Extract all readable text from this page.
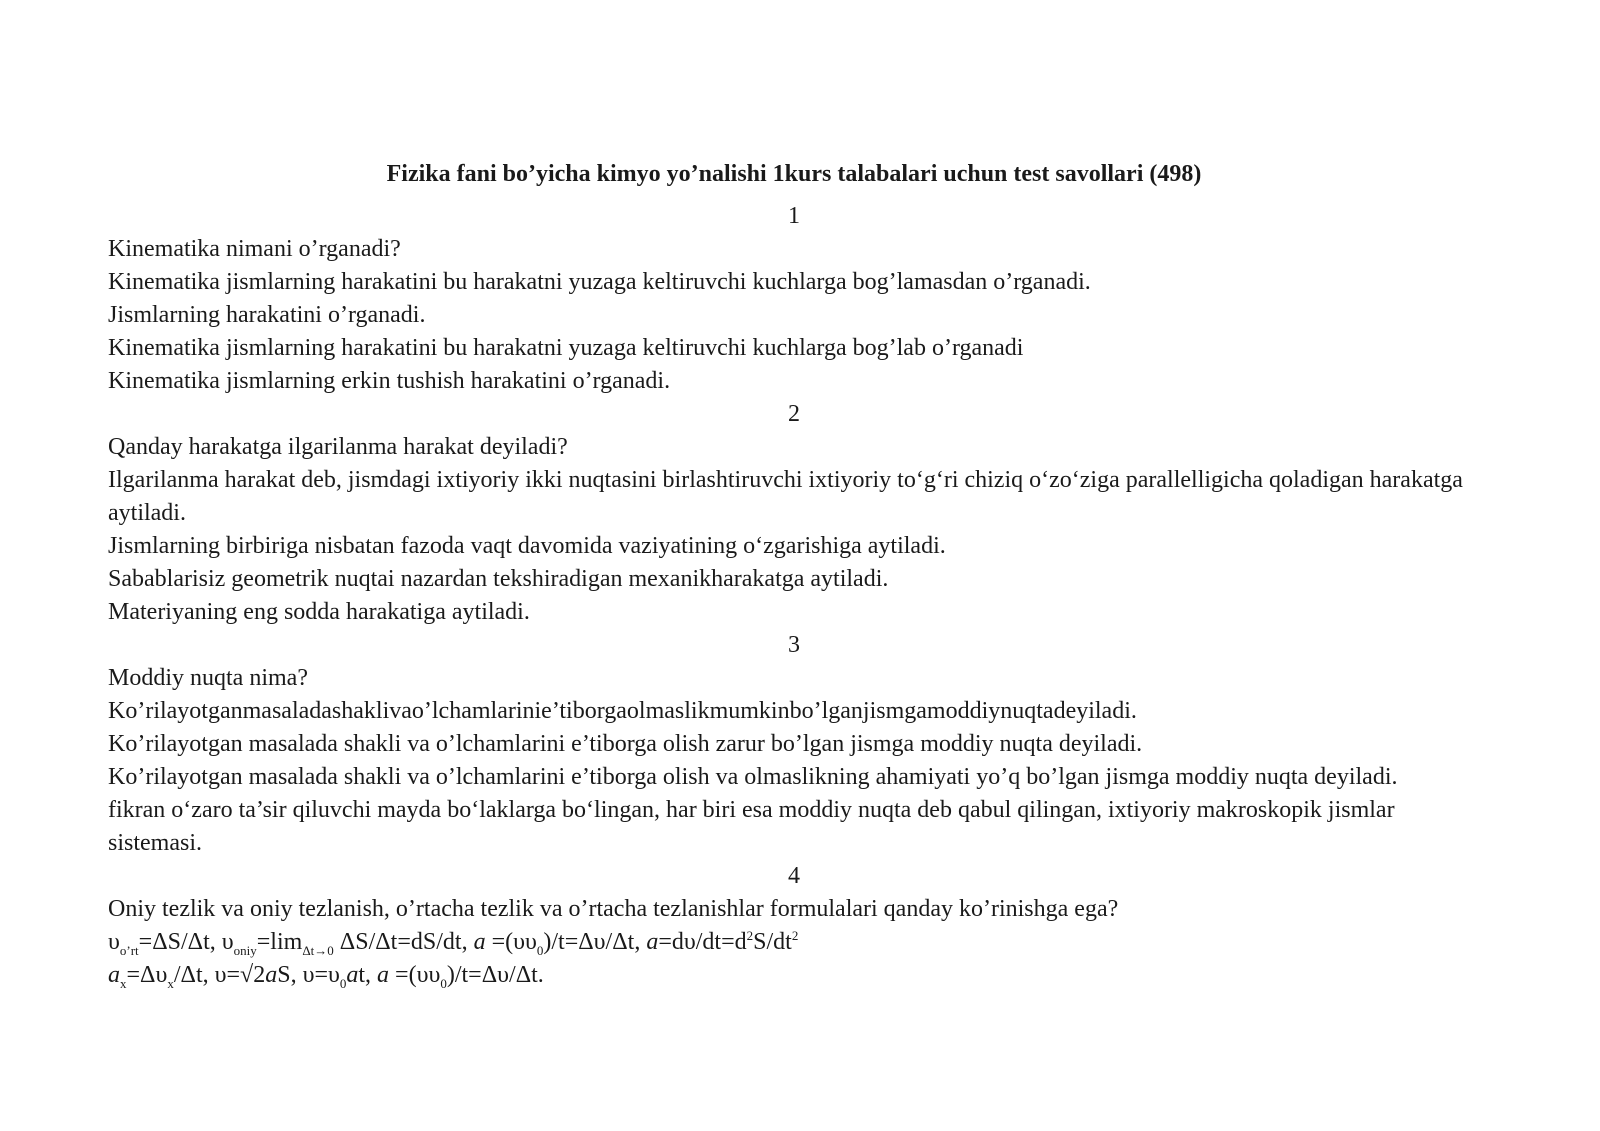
Fizika fani bo’yicha kimyo yo’nalishi 1kurs talabalari uchun test savollari (498)
1
Kinematika nimani o’rganadi?
Kinematika jismlarning harakatini bu harakatni yuzaga keltiruvchi kuchlarga bog’lamasdan o’rganadi.
Jismlarning harakatini o’rganadi.
Kinematika jismlarning harakatini bu harakatni yuzaga keltiruvchi kuchlarga bog’lab o’rganadi
Kinematika jismlarning erkin tushish harakatini o’rganadi.
2
Qanday harakatga ilgarilanma harakat deyiladi?
Ilgarilanma harakat deb, jismdagi ixtiyoriy ikki nuqtasini birlashtiruvchi ixtiyoriy to‘g‘ri chiziq o‘zo‘ziga parallelligicha qoladigan harakatga aytiladi.
Jismlarning birbiriga nisbatan fazoda vaqt davomida vaziyatining o‘zgarishiga aytiladi.
Sabablarisiz geometrik nuqtai nazardan tekshiradigan mexanikharakatga aytiladi.
Materiyaning eng sodda harakatiga aytiladi.
3
Moddiy nuqta nima?
Ko’rilayotganmasaladashaklivao’lchamlarinie’tiborgaolmaslikmumkinbo’lganjismgamoddiynuqtadeyiladi.
Ko’rilayotgan masalada shakli va o’lchamlarini e’tiborga olish zarur bo’lgan jismga moddiy nuqta deyiladi.
Ko’rilayotgan masalada shakli va o’lchamlarini e’tiborga olish va olmaslikning ahamiyati yo’q bo’lgan jismga moddiy nuqta deyiladi.
fikran o‘zaro ta’sir qiluvchi mayda bo‘laklarga bo‘lingan, har biri esa moddiy nuqta deb qabul qilingan, ixtiyoriy makroskopik jismlar sistemasi.
4
Oniy tezlik va oniy tezlanish, o’rtacha tezlik va o’rtacha tezlanishlar formulalari qanday ko’rinishga ega?
$\upsilon_{o’rt}=\Delta S/\Delta t$, $\upsilon_{oniy}=\lim_{\Delta t\to 0}$ ΔS/Δt=dS/dt, $a =(\upsilon\upsilon_0)/t=\Delta\upsilon/\Delta t$, $a=d\upsilon/dt=d^2S/dt^2$
$a_x=\Delta\upsilon_x/\Delta t$, υ=√2aS, $\upsilon=\upsilon_0at$, $a =(\upsilon\upsilon_0)/t=\Delta\upsilon/\Delta t$.
